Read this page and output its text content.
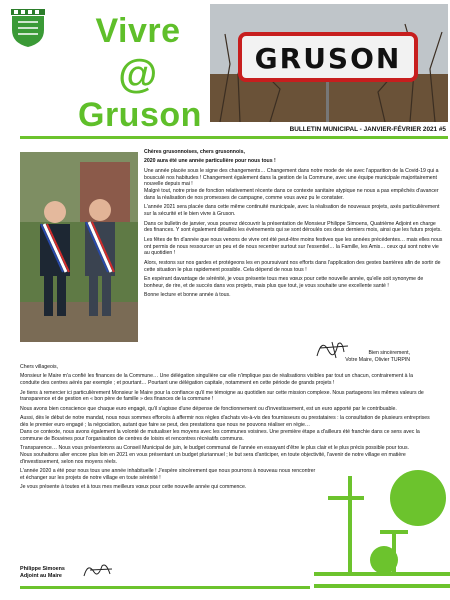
Vivre
@
Gruson
GRUSON
BULLETIN MUNICIPAL - JANVIER-FÉVRIER 2021 #5

Chères grusonnoises, chers grusonnois,

2020 aura été une année particulière pour nous tous !

Une année placée sous le signe des changements… Changement dans notre mode de vie avec l'apparition de la Covid-19 qui a bousculé nos habitudes ! Changement également dans la gestion de la Commune, avec une équipe municipale majoritairement nouvelle depuis mai !

Malgré tout, notre prise de fonction relativement récente dans ce contexte sanitaire atypique ne nous a pas empêchés d'avancer dans la réalisation de nos promesses de campagne, comme vous avez pu le constater.

L'année 2021 sera placée dans cette même continuité municipale, avec la réalisation de nouveaux projets, axés particulièrement sur la sécurité et le bien vivre à Gruson.

Dans ce bulletin de janvier, vous pourrez découvrir la présentation de Monsieur Philippe Simoens, Quatrième Adjoint en charge des finances. Y sont également détaillés les événements qui se sont déroulés ces deux derniers mois, ainsi que les futurs projets.

Les fêtes de fin d'année que nous venons de vivre ont été peut-être moins festives que les années précédentes… mais elles nous ont permis de nous ressourcer un peu et de nous recentrer surtout sur l'essentiel… la Famille, les Amis… ceux qui sont notre vie au quotidien !

Alors, restons sur nos gardes et protégeons les en poursuivant nos efforts dans l'application des gestes barrières afin de sortir de cette situation le plus rapidement possible. Cela dépend de nous tous !

En espérant davantage de sérénité, je vous présente tous mes vœux pour cette nouvelle année, qu'elle soit synonyme de bonheur, de rire, et de succès dans vos projets, mais plus que tout, je vous souhaite une excellente santé !

Bonne lecture et bonne année à tous.

Bien sincèrement,
Votre Maire, Olivier TURPIN

Chers villageois,

Monsieur le Maire m'a confié les finances de la Commune… Une délégation singulière car elle n'implique pas de réalisations visibles par tout un chacun, contrairement à la conduite des centres aérés par exemple ; et pourtant… Pourtant une délégation capitale, notamment en cette période de grands projets !

Je tiens à remercier ici particulièrement Monsieur le Maire pour la confiance qu'il me témoigne au quotidien sur cette mission complexe. Nous partageons les mêmes valeurs de transparence et de gestion en « bon père de famille » des finances de la commune !

Nous avons bien conscience que chaque euro engagé, qu'il s'agisse d'une dépense de fonctionnement ou d'investissement, est un euro apporté par le contribuable.

Aussi, dès le début de notre mandat, nous nous sommes efforcés à affermir nos règles d'achats vis-à-vis des fournisseurs ou prestataires : la consultation de plusieurs entreprises dès le premier euro engagé ; la négociation, autant que faire se peut, des prestations que nous ne pouvons réaliser en régie…

Dans ce contexte, nous avons également la volonté de mutualiser les moyens avec les communes voisines. Une première étape a d'ailleurs été franchie dans ce sens avec la commune de Bouvines pour l'organisation de centres de loisirs et rencontres récréatifs communs.

Transparence… Nous vous présenterons au Conseil Municipal de juin, le budget communal de l'année en essayant d'être le plus clair et le plus précis possible pour tous. Nous souhaitons aller encore plus loin en 2021 en vous présentant un budget pluriannuel ; le but sera d'anticiper, en toute objectivité, l'avenir de notre village en matière d'investissement, selon nos moyens réels.

L'année 2020 a été pour nous tous une année inhabituelle ! J'espère sincèrement que nous pourrons à nouveau nous rencontrer et échanger sur les projets de notre village en toute sérénité !

Je vous présente à toutes et à tous mes meilleurs vœux pour cette nouvelle année qui commence.

Philippe Simoens
Adjoint au Maire
